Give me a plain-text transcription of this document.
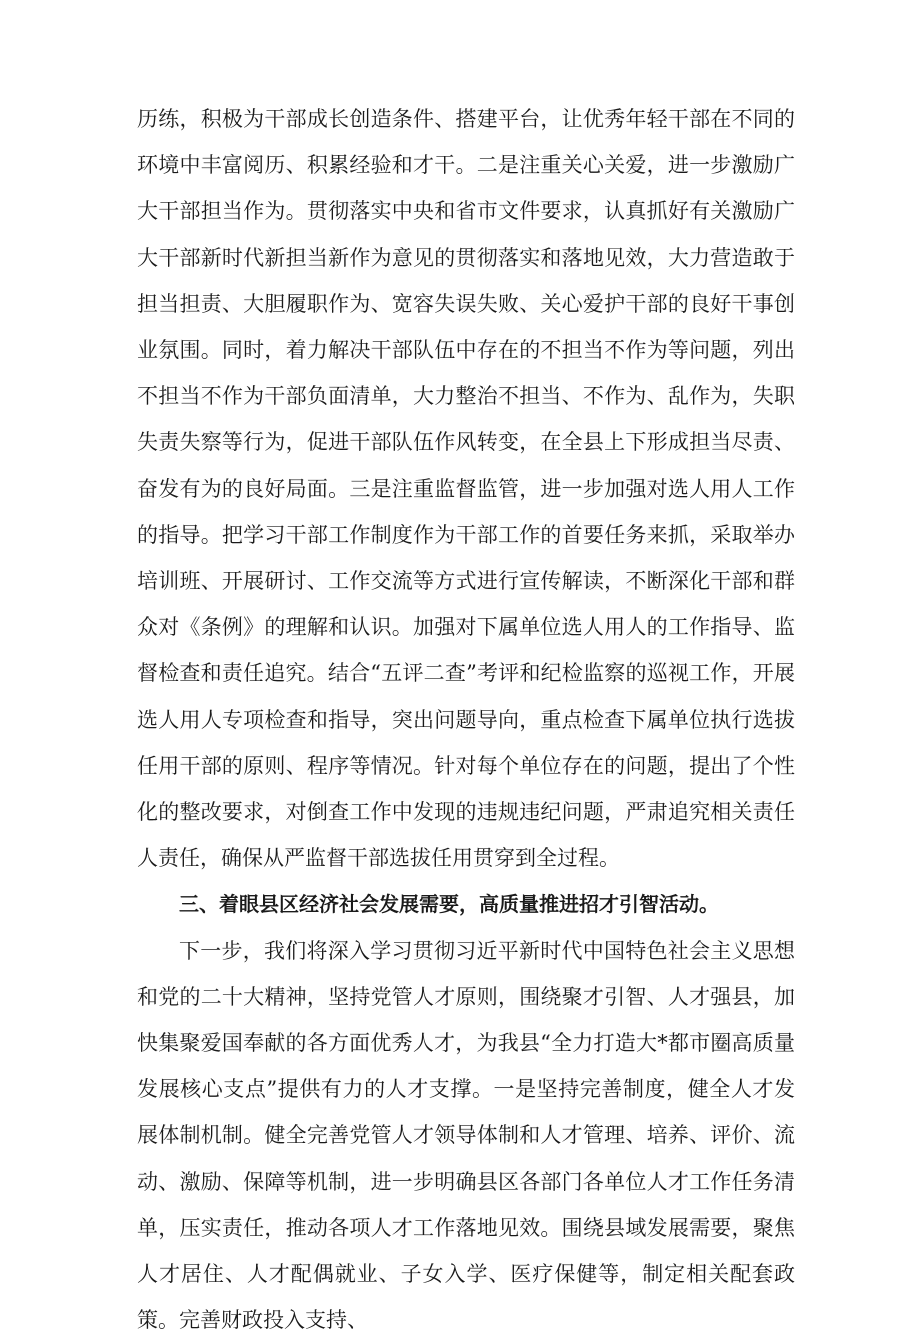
历练，积极为干部成长创造条件、搭建平台，让优秀年轻干部在不同的环境中丰富阅历、积累经验和才干。二是注重关心关爱，进一步激励广大干部担当作为。贯彻落实中央和省市文件要求，认真抓好有关激励广大干部新时代新担当新作为意见的贯彻落实和落地见效，大力营造敢于担当担责、大胆履职作为、宽容失误失败、关心爱护干部的良好干事创业氛围。同时，着力解决干部队伍中存在的不担当不作为等问题，列出不担当不作为干部负面清单，大力整治不担当、不作为、乱作为，失职失责失察等行为，促进干部队伍作风转变，在全县上下形成担当尽责、奋发有为的良好局面。三是注重监督监管，进一步加强对选人用人工作的指导。把学习干部工作制度作为干部工作的首要任务来抓，采取举办培训班、开展研讨、工作交流等方式进行宣传解读，不断深化干部和群众对《条例》的理解和认识。加强对下属单位选人用人的工作指导、监督检查和责任追究。结合“五评二查”考评和纪检监察的巡视工作，开展选人用人专项检查和指导，突出问题导向，重点检查下属单位执行选拔任用干部的原则、程序等情况。针对每个单位存在的问题，提出了个性化的整改要求，对倒查工作中发现的违规违纪问题，严肃追究相关责任人责任，确保从严监督干部选拔任用贯穿到全过程。

三、着眼县区经济社会发展需要，高质量推进招才引智活动。

下一步，我们将深入学习贯彻习近平新时代中国特色社会主义思想和党的二十大精神，坚持党管人才原则，围绕聚才引智、人才强县，加快集聚爱国奉献的各方面优秀人才，为我县“全力打造大*都市圈高质量发展核心支点”提供有力的人才支撑。一是坚持完善制度，健全人才发展体制机制。健全完善党管人才领导体制和人才管理、培养、评价、流动、激励、保障等机制，进一步明确县区各部门各单位人才工作任务清单，压实责任，推动各项人才工作落地见效。围绕县域发展需要，聚焦人才居住、人才配偶就业、子女入学、医疗保健等，制定相关配套政策。完善财政投入支持、
